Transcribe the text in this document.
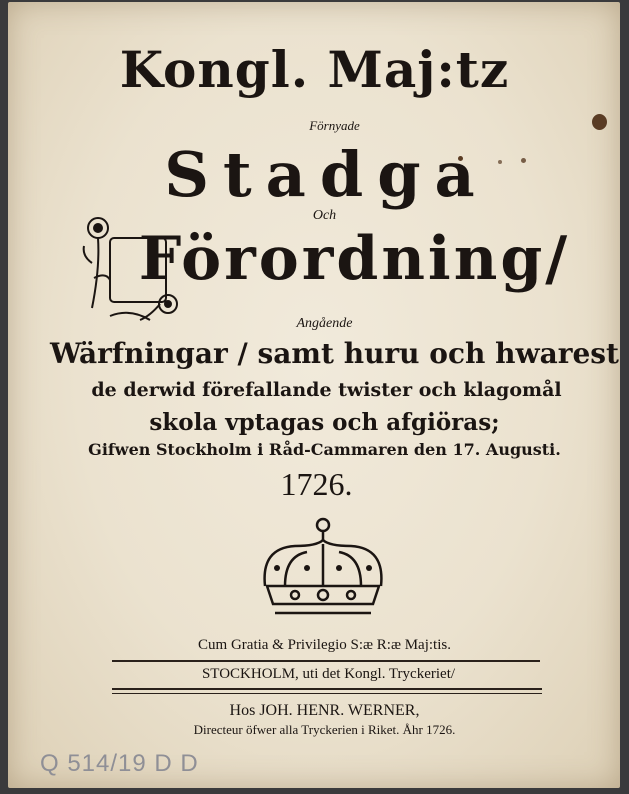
Kongl. Maj:tz
Förnyade
Stadga
Och
Förordning/
Angående
Wärfningar / samt huru och hwarest
de derwid förefallande twister och klagomål
skola vptagas och afgiöras;
Gifwen Stockholm i Råd-Cammaren den 17. Augusti.
1726.
Cum Gratia & Privilegio S:æ R:æ Maj:tis.
STOCKHOLM, uti det Kongl. Tryckeriet/
Hos JOH. HENR. WERNER,
Directeur öfwer alla Tryckerien i Riket. Åhr 1726.
Q 514/19 D D
